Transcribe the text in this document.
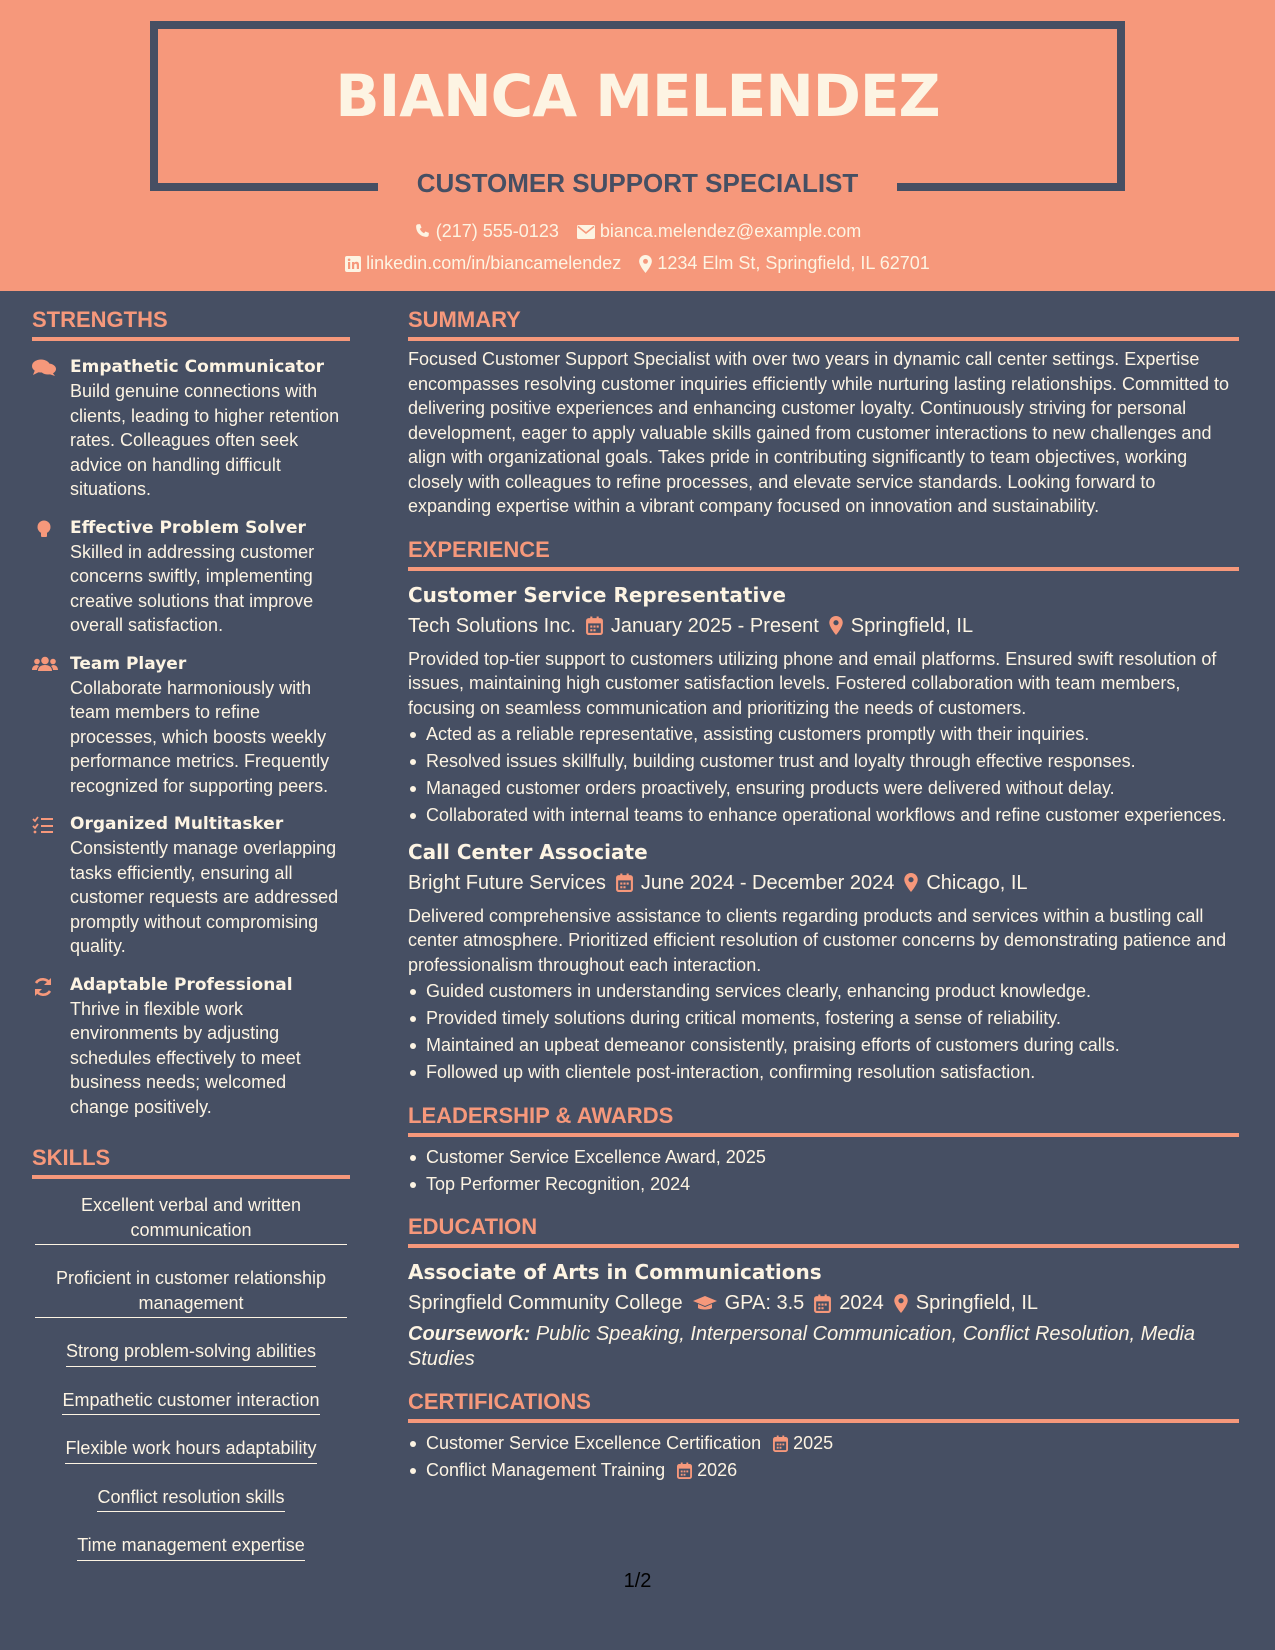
BIANCA MELENDEZ
CUSTOMER SUPPORT SPECIALIST
(217) 555-0123 bianca.melendez@example.com
linkedin.com/in/biancamelendez 1234 Elm St, Springfield, IL 62701
STRENGTHS
Empathetic Communicator
Build genuine connections with clients, leading to higher retention rates. Colleagues often seek advice on handling difficult situations.
Effective Problem Solver
Skilled in addressing customer concerns swiftly, implementing creative solutions that improve overall satisfaction.
Team Player
Collaborate harmoniously with team members to refine processes, which boosts weekly performance metrics. Frequently recognized for supporting peers.
Organized Multitasker
Consistently manage overlapping tasks efficiently, ensuring all customer requests are addressed promptly without compromising quality.
Adaptable Professional
Thrive in flexible work environments by adjusting schedules effectively to meet business needs; welcomed change positively.
SKILLS
Excellent verbal and written communication
Proficient in customer relationship management
Strong problem-solving abilities
Empathetic customer interaction
Flexible work hours adaptability
Conflict resolution skills
Time management expertise
SUMMARY
Focused Customer Support Specialist with over two years in dynamic call center settings. Expertise encompasses resolving customer inquiries efficiently while nurturing lasting relationships. Committed to delivering positive experiences and enhancing customer loyalty. Continuously striving for personal development, eager to apply valuable skills gained from customer interactions to new challenges and align with organizational goals. Takes pride in contributing significantly to team objectives, working closely with colleagues to refine processes, and elevate service standards. Looking forward to expanding expertise within a vibrant company focused on innovation and sustainability.
EXPERIENCE
Customer Service Representative
Tech Solutions Inc. January 2025 - Present Springfield, IL
Provided top-tier support to customers utilizing phone and email platforms. Ensured swift resolution of issues, maintaining high customer satisfaction levels. Fostered collaboration with team members, focusing on seamless communication and prioritizing the needs of customers.
Acted as a reliable representative, assisting customers promptly with their inquiries.
Resolved issues skillfully, building customer trust and loyalty through effective responses.
Managed customer orders proactively, ensuring products were delivered without delay.
Collaborated with internal teams to enhance operational workflows and refine customer experiences.
Call Center Associate
Bright Future Services June 2024 - December 2024 Chicago, IL
Delivered comprehensive assistance to clients regarding products and services within a bustling call center atmosphere. Prioritized efficient resolution of customer concerns by demonstrating patience and professionalism throughout each interaction.
Guided customers in understanding services clearly, enhancing product knowledge.
Provided timely solutions during critical moments, fostering a sense of reliability.
Maintained an upbeat demeanor consistently, praising efforts of customers during calls.
Followed up with clientele post-interaction, confirming resolution satisfaction.
LEADERSHIP & AWARDS
Customer Service Excellence Award, 2025
Top Performer Recognition, 2024
EDUCATION
Associate of Arts in Communications
Springfield Community College GPA: 3.5 2024 Springfield, IL
Coursework: Public Speaking, Interpersonal Communication, Conflict Resolution, Media Studies
CERTIFICATIONS
Customer Service Excellence Certification 2025
Conflict Management Training 2026
1/2
